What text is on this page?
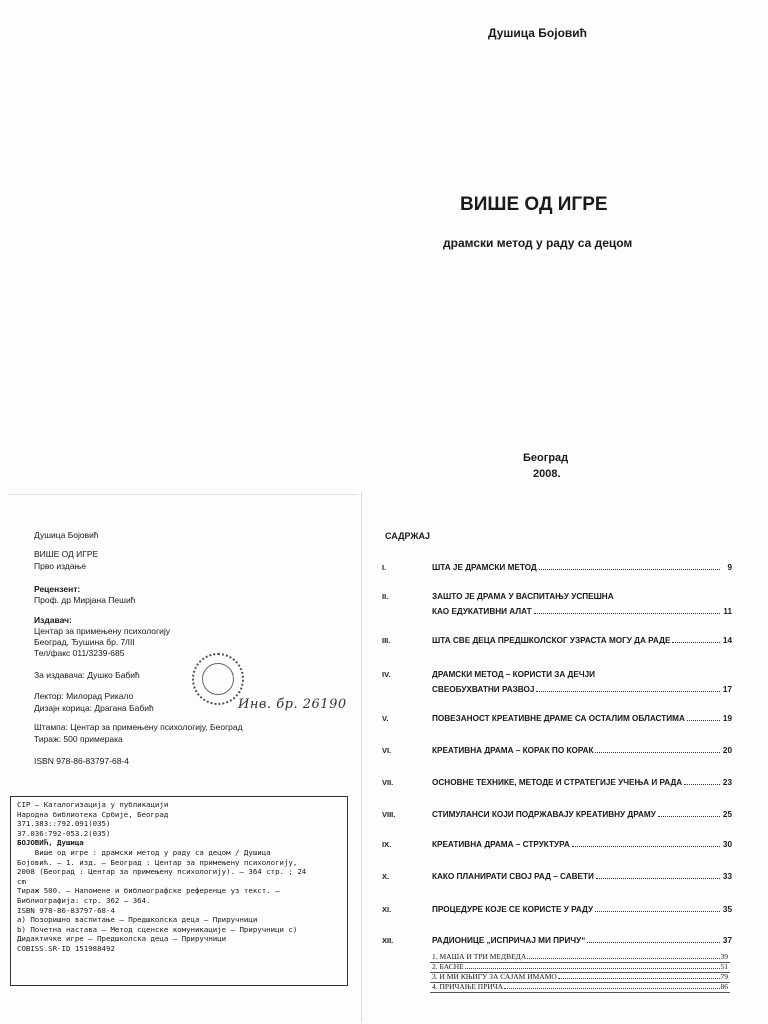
Душица Бојовић
ВИШЕ ОД ИГРЕ
драмски метод у раду са децом
Београд
2008.
Душица Бојовић
ВИШЕ ОД ИГРЕ
Прво издање
Рецензент:
Проф. др Мирјана Пешић
Издавач:
Центар за примењену психологију
Београд, Ђушина бр. 7/III
Тел/факс 011/3239-685
За издавача: Душко Бабић
Лектор: Милорад Рикало
Дизајн корица: Драгана Бабић
Штампа: Центар за примењену психологију, Београд
Тираж: 500 примерака
ISBN 978-86-83797-68-4
Инв. бр. 26190
CIP – Каталогизација у публикацији
Народна библиотека Србије, Београд
371.383::792.091(035)
37.036:792-053.2(035)
БОЈОВИЋ, Душица
Више од игре : драмски метод у раду са децом / Душица
Бојовић. – 1. изд. – Београд : Центар за примењену психологију,
2008 (Београд : Центар за примењену психологију). – 364 стр. ; 24
cm
Тираж 500. – Напомене и библиографске референце уз текст. –
Библиографија: стр. 362 – 364.
ISBN 978-86-83797-68-4
a) Позоришно васпитање – Предшколска деца – Приручници
b) Почетна настава – Метод сценске комуникације – Приручници c)
Дидактичке игре – Предшколска деца – Приручници
COBISS.SR-ID 151988492
САДРЖАЈ
I.	ШТА ЈЕ ДРАМСКИ МЕТОД	9
II.	ЗАШТО ЈЕ ДРАМА У ВАСПИТАЊУ УСПЕШНА
КАО ЕДУКАТИВНИ АЛАТ	11
III.	ШТА СВЕ ДЕЦА ПРЕДШКОЛСКОГ УЗРАСТА МОГУ ДА РАДЕ	14
IV.	ДРАМСКИ МЕТОД – КОРИСТИ ЗА ДЕЧЈИ
СВЕОБУХВАТНИ РАЗВОЈ	17
V.	ПОВЕЗАНОСТ КРЕАТИВНЕ ДРАМЕ СА ОСТАЛИМ ОБЛАСТИМА	19
VI.	КРЕАТИВНА ДРАМА – КОРАК ПО КОРАК	20
VII.	ОСНОВНЕ ТЕХНИКЕ, МЕТОДЕ И СТРАТЕГИЈЕ УЧЕЊА И РАДА	23
VIII.	СТИМУЛАНСИ КОЈИ ПОДРЖАВАЈУ КРЕАТИВНУ ДРАМУ	25
IX.	КРЕАТИВНА ДРАМА – СТРУКТУРА	30
X.	КАКО ПЛАНИРАТИ СВОЈ РАД – САВЕТИ	33
XI.	ПРОЦЕДУРЕ КОЈЕ СЕ КОРИСТЕ У РАДУ	35
XII.	РАДИОНИЦЕ „ИСПРИЧАЈ МИ ПРИЧУ“	37
1. МАША И ТРИ МЕДВЕДА	39
2. БАСНЕ	51
3. И МИ КЊИГУ ЗА САЈАМ ИМАМО	79
4. ПРИЧАЊЕ ПРИЧА	86
